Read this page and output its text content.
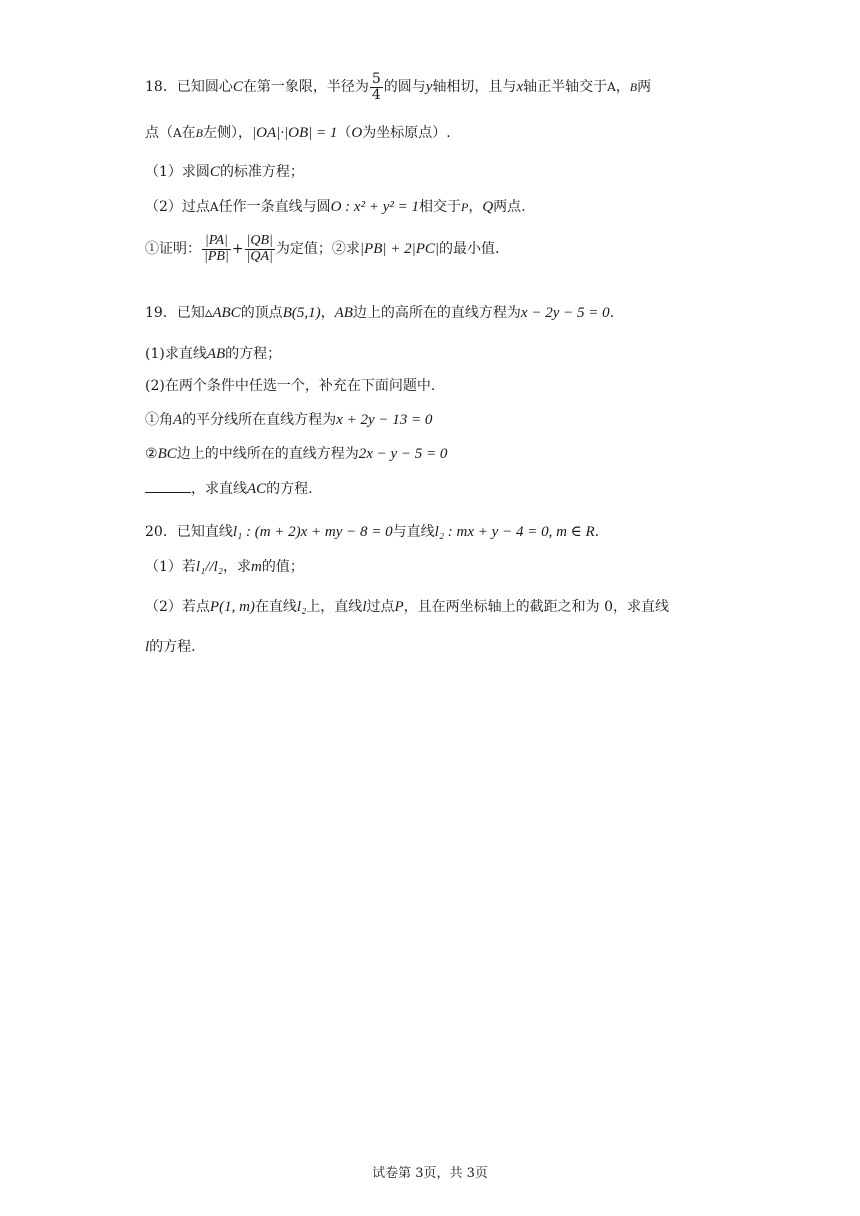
18．已知圆心C在第一象限，半径为 $\frac{5}{4}$ 的圆与y轴相切，且与x轴正半轴交于A，B两
点（A在B左侧），|OA|·|OB| = 1（O为坐标原点）.
（1）求圆C的标准方程；
（2）过点A任作一条直线与圆O : x² + y² = 1相交于P，Q两点.
①证明： $\frac{|PA|}{|PB|} + \frac{|QB|}{|QA|}$ 为定值；②求|PB| + 2|PC|的最小值.
19．已知▵ABC的顶点B(5,1)，AB边上的高所在的直线方程为x − 2y − 5 = 0.
(1)求直线AB的方程；
(2)在两个条件中任选一个，补充在下面问题中.
①角A的平分线所在直线方程为x + 2y − 13 = 0
②BC边上的中线所在的直线方程为2x − y − 5 = 0
，求直线AC的方程.
20．已知直线l₁ : (m + 2)x + my − 8 = 0与直线l₂ : mx + y − 4 = 0, m ∈ R.
（1）若l₁//l₂，求m的值；
（2）若点P(1, m)在直线l₂上，直线l过点P，且在两坐标轴上的截距之和为 0，求直线
l的方程.
试卷第 3页，共 3页
